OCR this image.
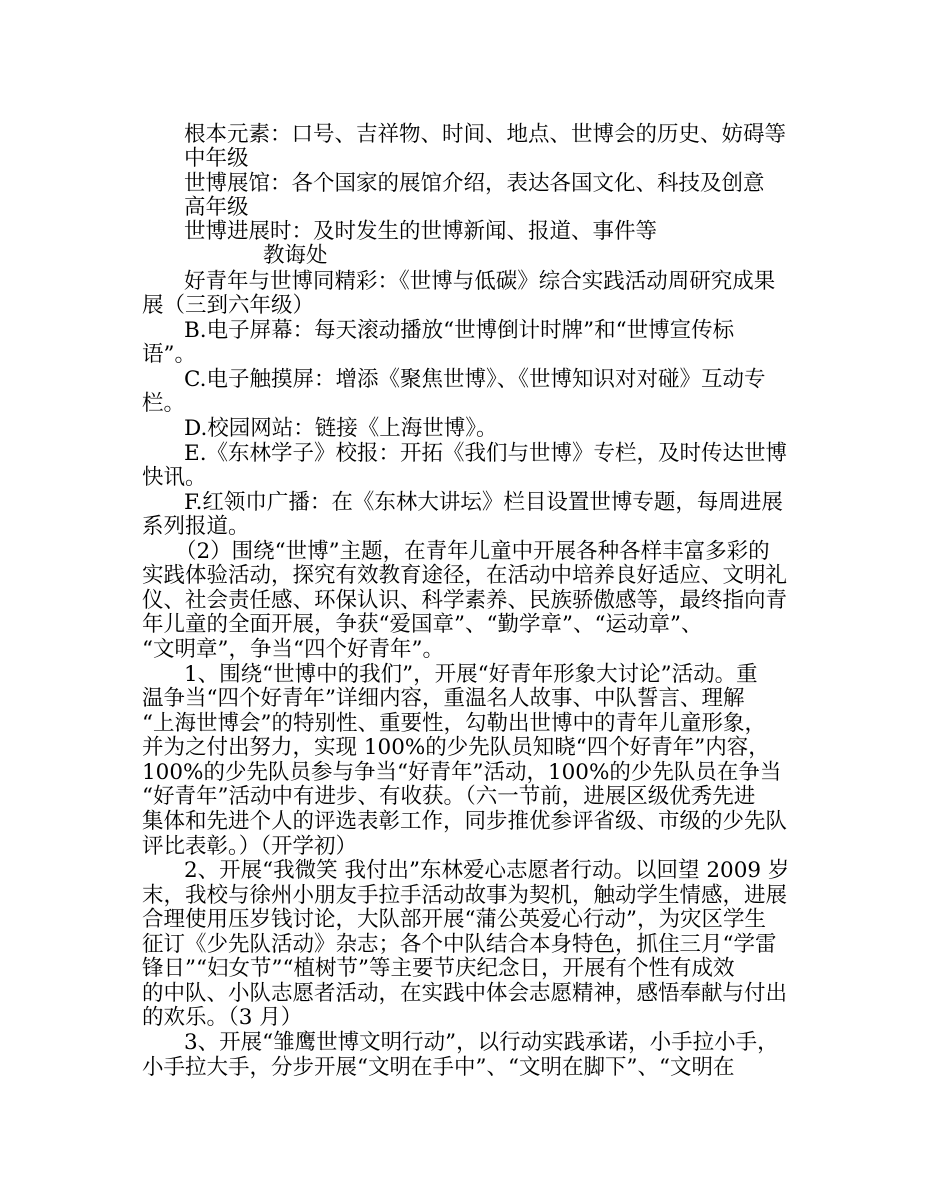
根本元素：口号、吉祥物、时间、地点、世博会的历史、妨碍等

中年级

世博展馆：各个国家的展馆介绍，表达各国文化、科技及创意

高年级

世博进展时：及时发生的世博新闻、报道、事件等

教诲处

好青年与世博同精彩：《世博与低碳》综合实践活动周研究成果

展（三到六年级）

B.电子屏幕：每天滚动播放“世博倒计时牌”和“世博宣传标

语”。

C.电子触摸屏：增添《聚焦世博》、《世博知识对对碰》互动专

栏。

D.校园网站：链接《上海世博》。

E.《东林学子》校报：开拓《我们与世博》专栏，及时传达世博

快讯。

F.红领巾广播：在《东林大讲坛》栏目设置世博专题，每周进展

系列报道。

（2）围绕“世博”主题，在青年儿童中开展各种各样丰富多彩的

实践体验活动，探究有效教育途径，在活动中培养良好适应、文明礼

仪、社会责任感、环保认识、科学素养、民族骄傲感等，最终指向青

年儿童的全面开展，争获“爱国章”、“勤学章”、“运动章”、

“文明章”，争当“四个好青年”。

1、围绕“世博中的我们”，开展“好青年形象大讨论”活动。重

温争当“四个好青年”详细内容，重温名人故事、中队誓言、理解

“上海世博会”的特别性、重要性，勾勒出世博中的青年儿童形象，

并为之付出努力，实现 100%的少先队员知晓“四个好青年”内容，

100%的少先队员参与争当“好青年”活动，100%的少先队员在争当

“好青年”活动中有进步、有收获。（六一节前，进展区级优秀先进

集体和先进个人的评选表彰工作，同步推优参评省级、市级的少先队

评比表彰。）（开学初）

2、开展“我微笑 我付出”东林爱心志愿者行动。以回望 2009 岁

末，我校与徐州小朋友手拉手活动故事为契机，触动学生情感，进展

合理使用压岁钱讨论，大队部开展“蒲公英爱心行动”，为灾区学生

征订《少先队活动》杂志；各个中队结合本身特色，抓住三月“学雷

锋日”“妇女节”“植树节”等主要节庆纪念日，开展有个性有成效

的中队、小队志愿者活动，在实践中体会志愿精神，感悟奉献与付出

的欢乐。（3 月）

3、开展“雏鹰世博文明行动”，以行动实践承诺，小手拉小手，

小手拉大手，分步开展“文明在手中”、“文明在脚下”、“文明在
